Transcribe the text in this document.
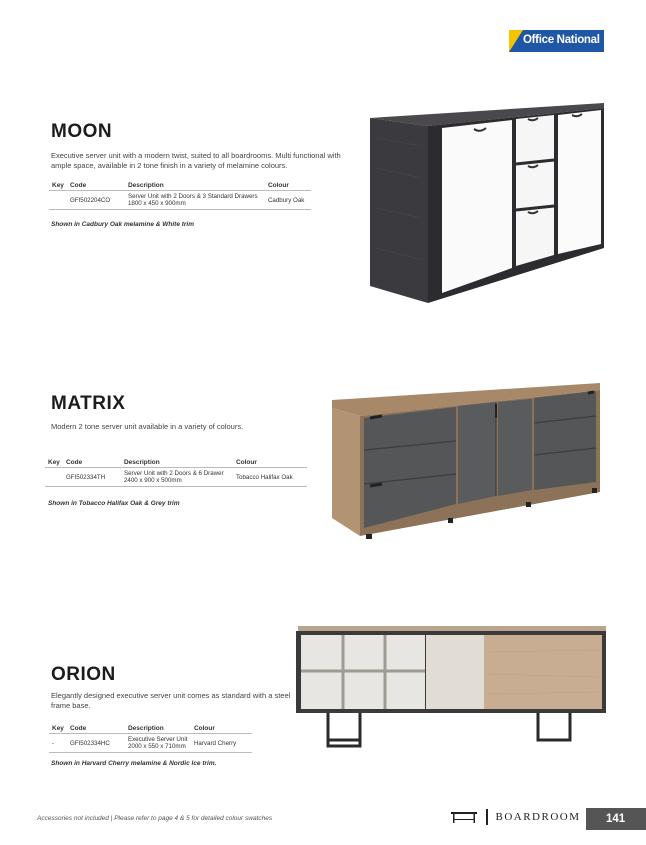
Office National
MOON
Executive server unit with a modern twist, suited to all boardrooms. Multi functional with ample space, available in 2 tone finish in a variety of melamine colours.
Key	Code	Description	Colour
	GFI502204CO	Server Unit with 2 Doors & 3 Standard Drawers 1800 x 450 x 900mm	Cadbury Oak
Shown in Cadbury Oak melamine & White trim
MATRIX
Modern 2 tone server unit available in a variety of colours.
Key	Code	Description	Colour
	GFI502334TH	Server Unit with 2 Doors & 6 Drawer 2400 x 900 x 500mm	Tobacco Halifax Oak
Shown in Tobacco Halifax Oak & Grey trim
ORION
Elegantly designed executive server unit comes as standard with a steel frame base.
Key	Code	Description	Colour
-	GFI502334HC	Executive Server Unit 2000 x 550 x 710mm	Harvard Cherry
Shown in Harvard Cherry melamine & Nordic Ice trim.
Accessories not included | Please refer to page 4 & 5 for detailed colour swatches	BOARDROOM	141
